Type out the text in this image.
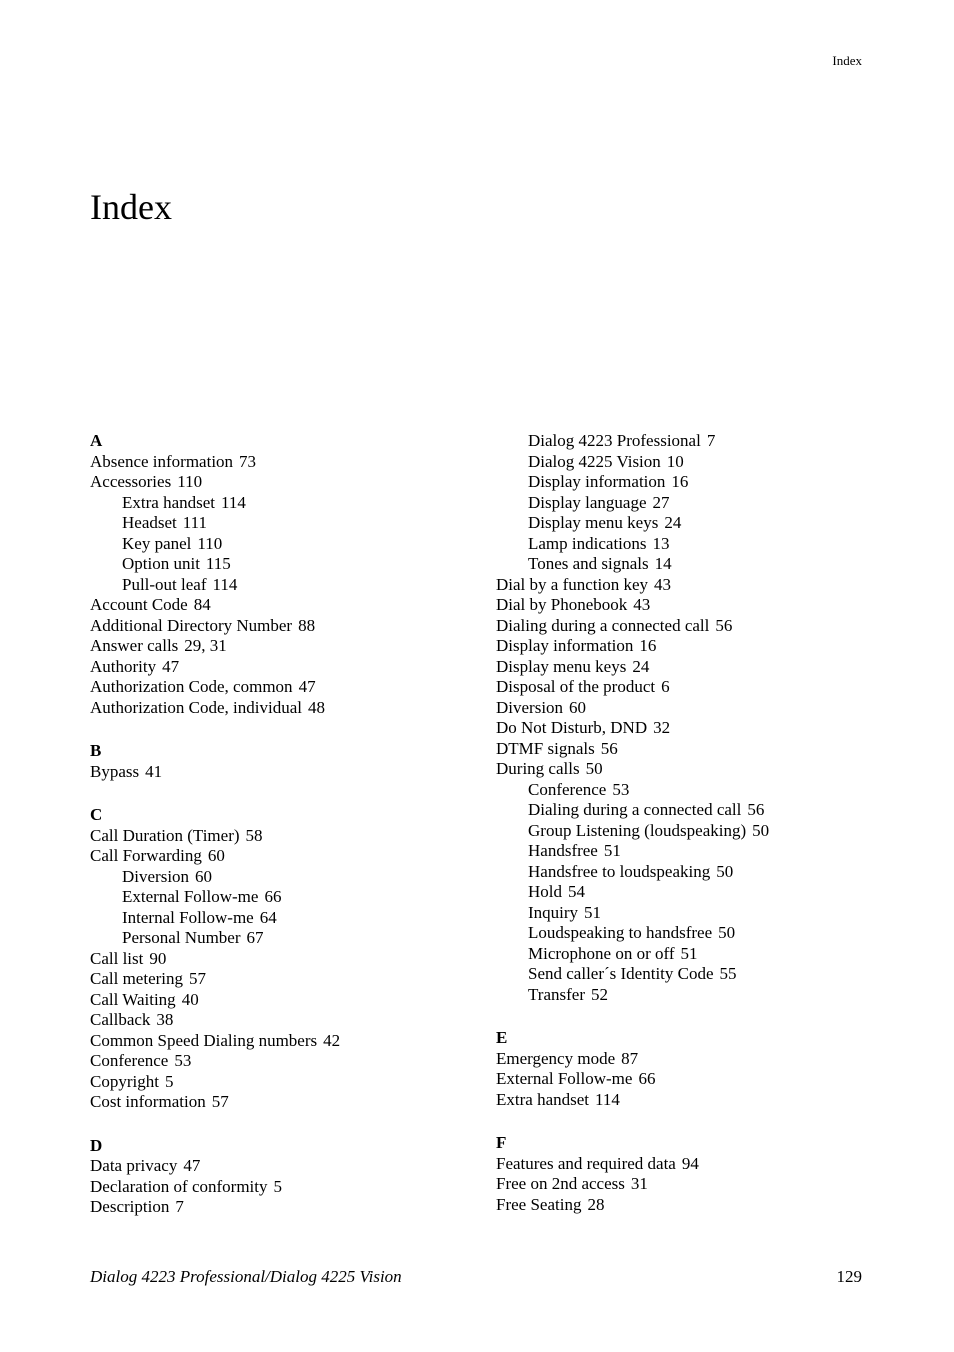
Index
Index
A
Absence information 73
Accessories 110
Extra handset 114
Headset 111
Key panel 110
Option unit 115
Pull-out leaf 114
Account Code 84
Additional Directory Number 88
Answer calls 29, 31
Authority 47
Authorization Code, common 47
Authorization Code, individual 48
B
Bypass 41
C
Call Duration (Timer) 58
Call Forwarding 60
Diversion 60
External Follow-me 66
Internal Follow-me 64
Personal Number 67
Call list 90
Call metering 57
Call Waiting 40
Callback 38
Common Speed Dialing numbers 42
Conference 53
Copyright 5
Cost information 57
D
Data privacy 47
Declaration of conformity 5
Description 7
Dialog 4223 Professional 7
Dialog 4225 Vision 10
Display information 16
Display language 27
Display menu keys 24
Lamp indications 13
Tones and signals 14
Dial by a function key 43
Dial by Phonebook 43
Dialing during a connected call 56
Display information 16
Display menu keys 24
Disposal of the product 6
Diversion 60
Do Not Disturb, DND 32
DTMF signals 56
During calls 50
Conference 53
Dialing during a connected call 56
Group Listening (loudspeaking) 50
Handsfree 51
Handsfree to loudspeaking 50
Hold 54
Inquiry 51
Loudspeaking to handsfree 50
Microphone on or off 51
Send caller´s Identity Code 55
Transfer 52
E
Emergency mode 87
External Follow-me 66
Extra handset 114
F
Features and required data 94
Free on 2nd access 31
Free Seating 28
Dialog 4223 Professional/Dialog 4225 Vision	129
